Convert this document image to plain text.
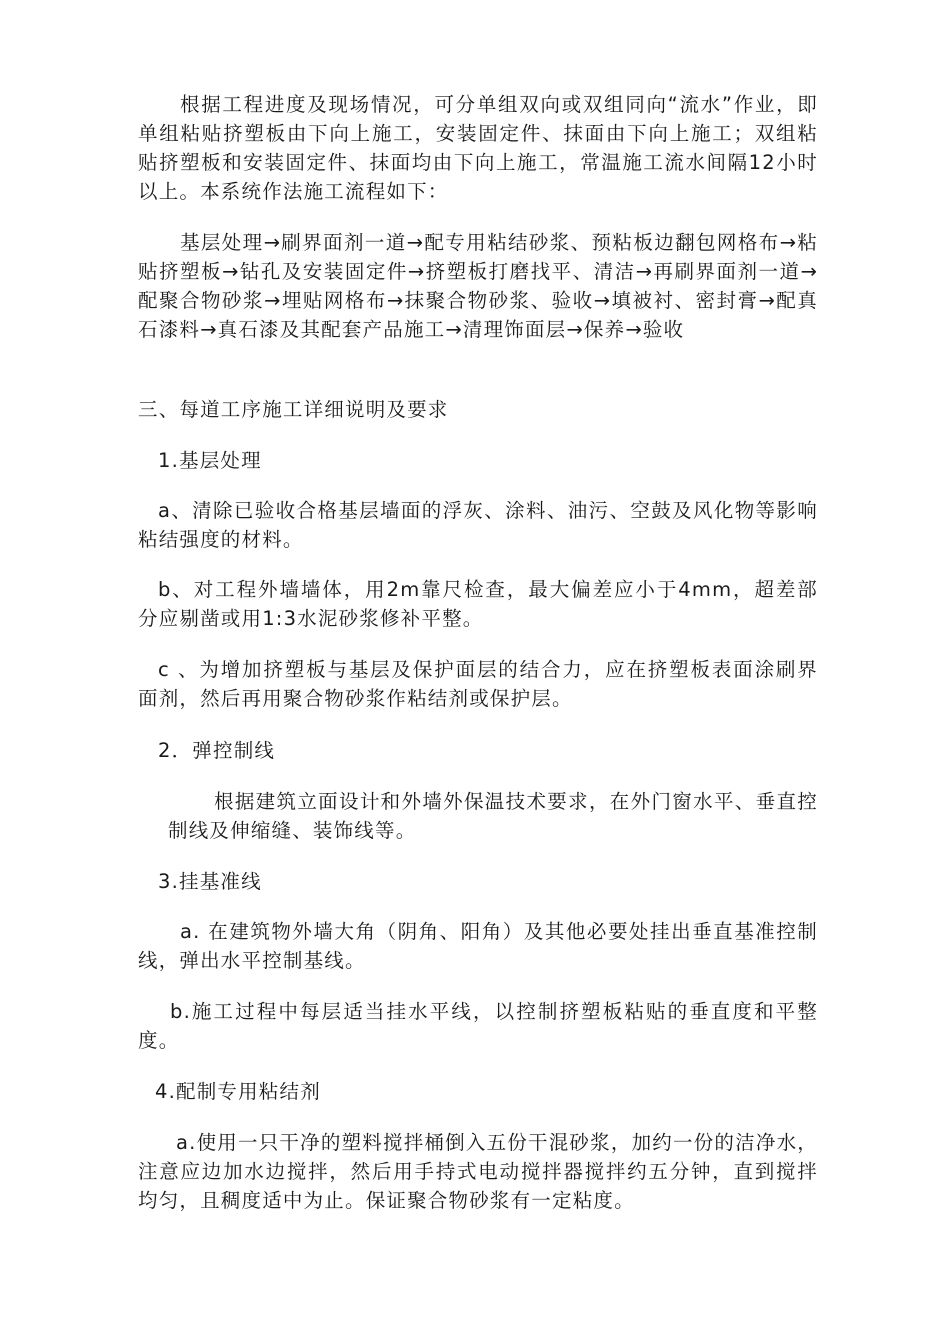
根据工程进度及现场情况，可分单组双向或双组同向“流水”作业，即单组粘贴挤塑板由下向上施工，安装固定件、抹面由下向上施工；双组粘贴挤塑板和安装固定件、抹面均由下向上施工，常温施工流水间隔12小时以上。本系统作法施工流程如下：

基层处理→刷界面剂一道→配专用粘结砂浆、预粘板边翻包网格布→粘贴挤塑板→钻孔及安装固定件→挤塑板打磨找平、清洁→再刷界面剂一道→配聚合物砂浆→埋贴网格布→抹聚合物砂浆、验收→填被衬、密封膏→配真石漆料→真石漆及其配套产品施工→清理饰面层→保养→验收

三、每道工序施工详细说明及要求

1.基层处理

a、清除已验收合格基层墙面的浮灰、涂料、油污、空鼓及风化物等影响粘结强度的材料。

b、对工程外墙墙体，用2m靠尺检查，最大偏差应小于4mm，超差部分应剔凿或用1:3水泥砂浆修补平整。

c 、为增加挤塑板与基层及保护面层的结合力，应在挤塑板表面涂刷界面剂，然后再用聚合物砂浆作粘结剂或保护层。

2．弹控制线

根据建筑立面设计和外墙外保温技术要求，在外门窗水平、垂直控制线及伸缩缝、装饰线等。

3.挂基准线

a. 在建筑物外墙大角（阴角、阳角）及其他必要处挂出垂直基准控制线，弹出水平控制基线。

b.施工过程中每层适当挂水平线，以控制挤塑板粘贴的垂直度和平整度。

4.配制专用粘结剂

a.使用一只干净的塑料搅拌桶倒入五份干混砂浆，加约一份的洁净水，注意应边加水边搅拌，然后用手持式电动搅拌器搅拌约五分钟，直到搅拌均匀，且稠度适中为止。保证聚合物砂浆有一定粘度。
